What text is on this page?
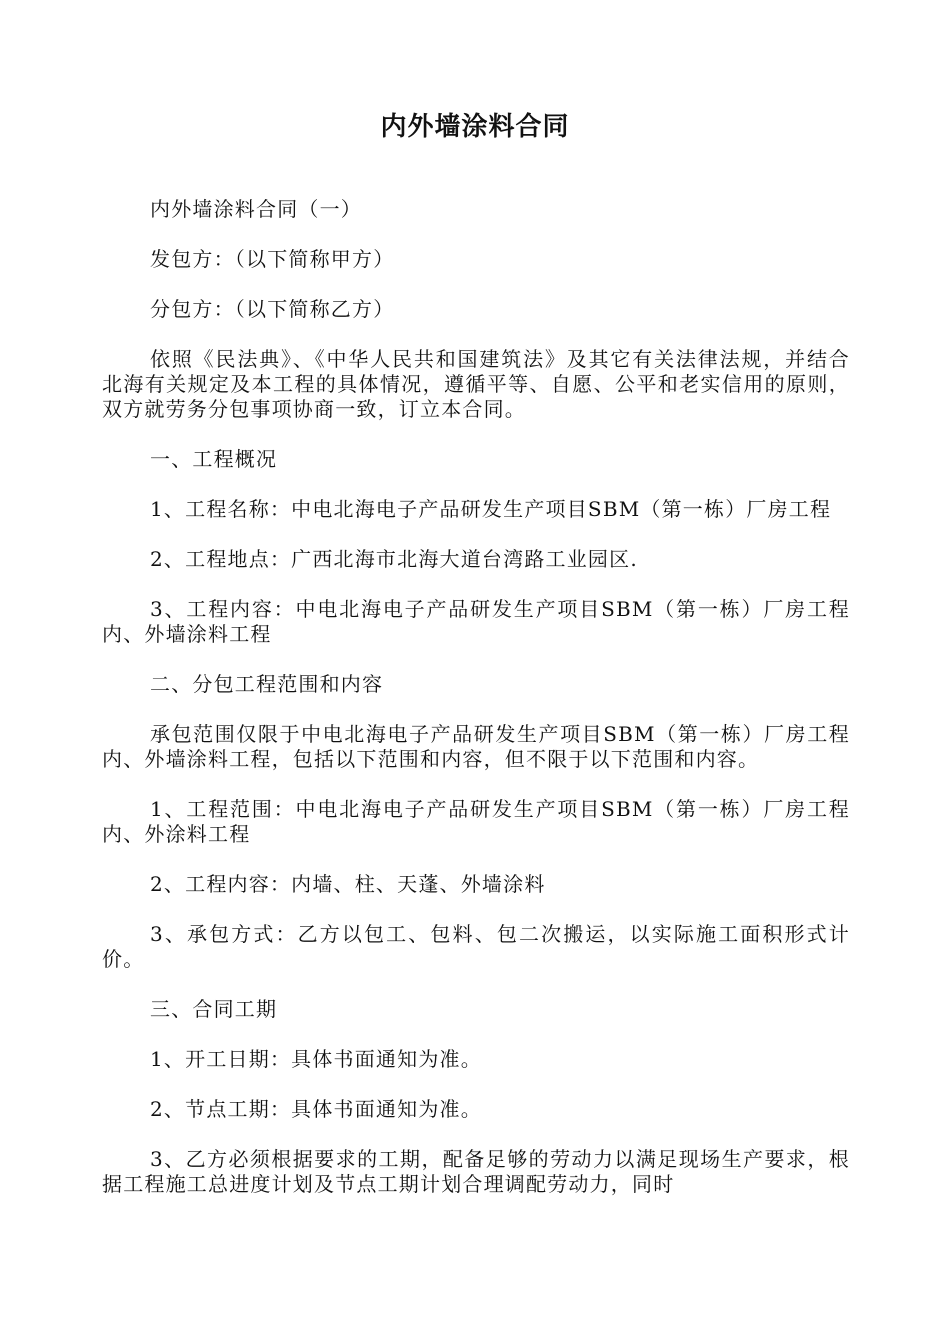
内外墙涂料合同

内外墙涂料合同（一）

发包方：（以下简称甲方）

分包方：（以下简称乙方）

依照《民法典》、《中华人民共和国建筑法》及其它有关法律法规，并结合北海有关规定及本工程的具体情况，遵循平等、自愿、公平和老实信用的原则，双方就劳务分包事项协商一致，订立本合同。

一、工程概况

1、工程名称：中电北海电子产品研发生产项目SBM（第一栋）厂房工程

2、工程地点：广西北海市北海大道台湾路工业园区.

3、工程内容：中电北海电子产品研发生产项目SBM（第一栋）厂房工程内、外墙涂料工程

二、分包工程范围和内容

承包范围仅限于中电北海电子产品研发生产项目SBM（第一栋）厂房工程内、外墙涂料工程，包括以下范围和内容，但不限于以下范围和内容。

1、工程范围：中电北海电子产品研发生产项目SBM（第一栋）厂房工程内、外涂料工程

2、工程内容：内墙、柱、天蓬、外墙涂料

3、承包方式：乙方以包工、包料、包二次搬运，以实际施工面积形式计价。

三、合同工期

1、开工日期：具体书面通知为准。

2、节点工期：具体书面通知为准。

3、乙方必须根据要求的工期，配备足够的劳动力以满足现场生产要求，根据工程施工总进度计划及节点工期计划合理调配劳动力，同时
